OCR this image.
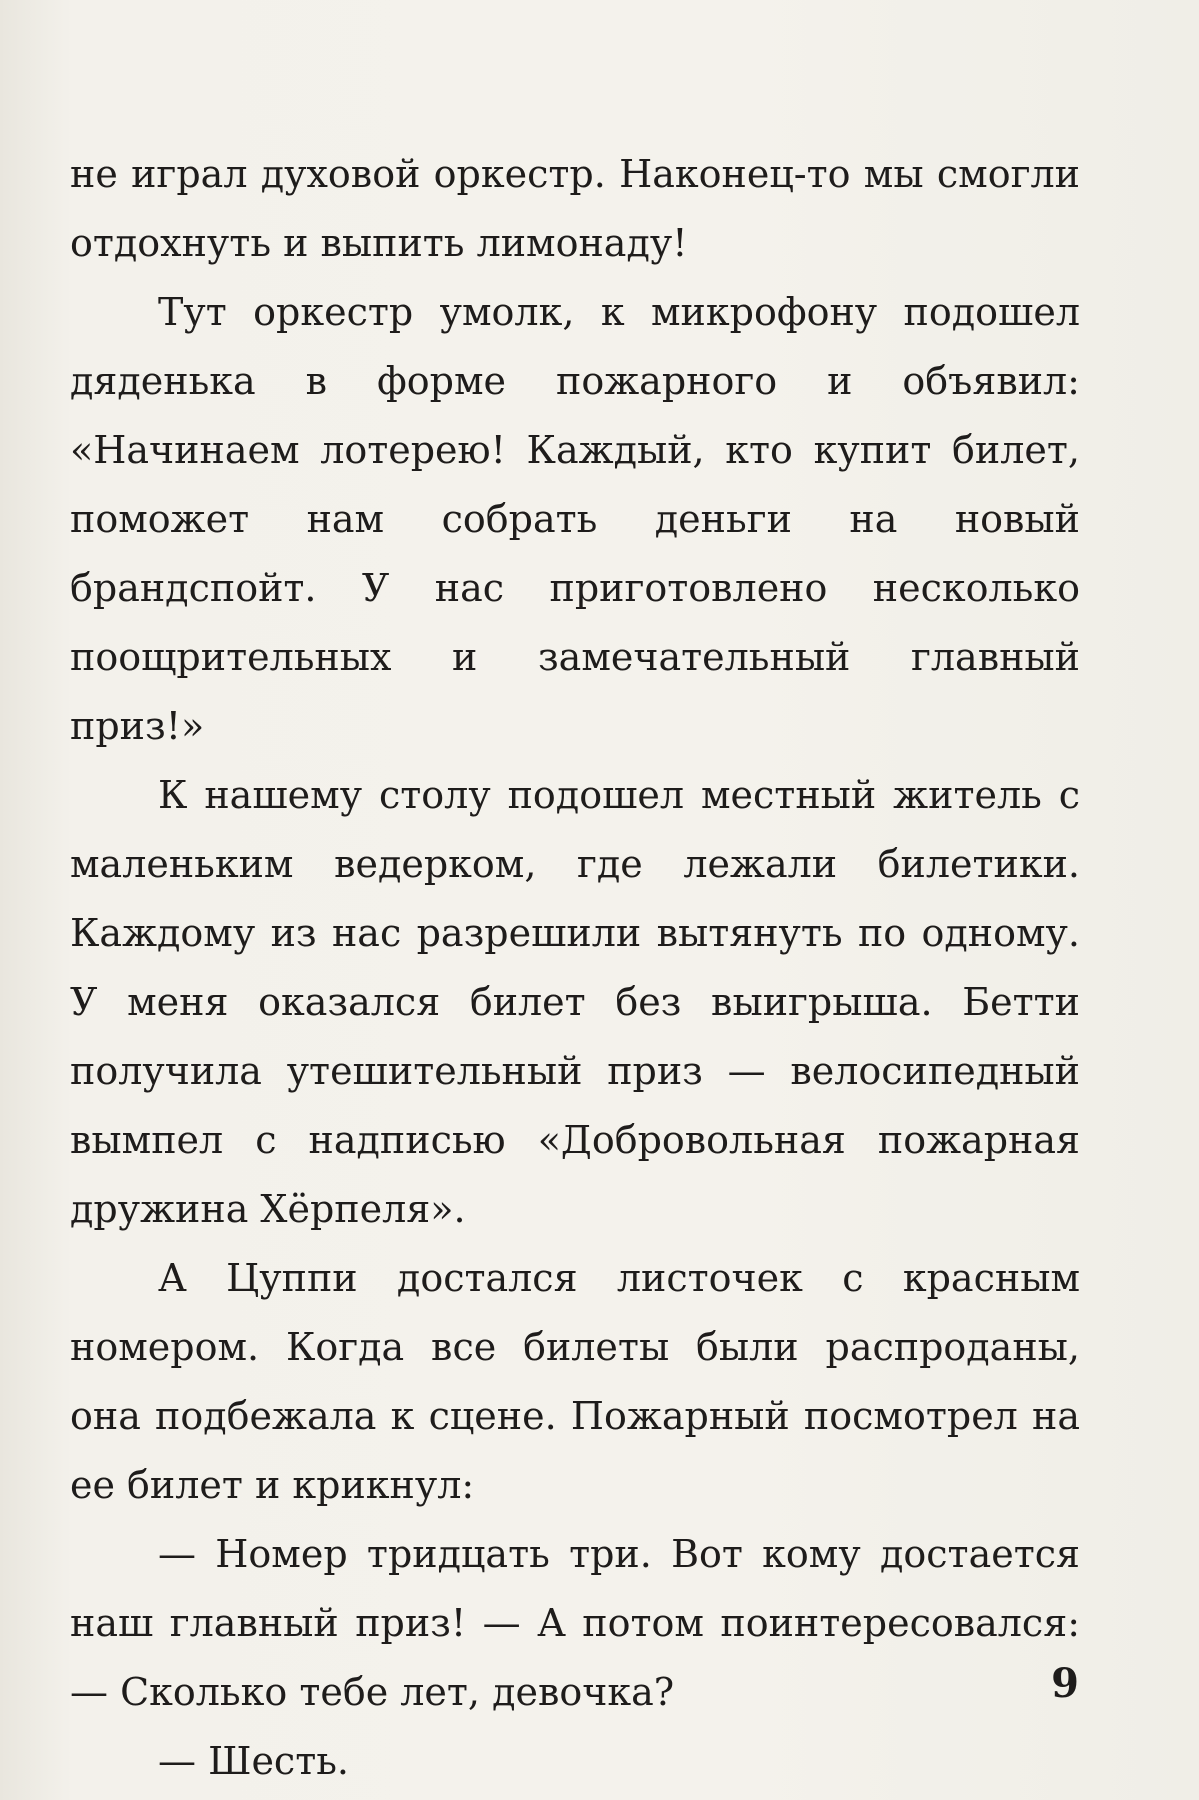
не играл духовой оркестр. Наконец-то мы смогли отдохнуть и выпить лимонаду!

Тут оркестр умолк, к микрофону подошел дяденька в форме пожарного и объявил: «Начинаем лотерею! Каждый, кто купит билет, поможет нам собрать деньги на новый брандспойт. У нас приготовлено несколько поощрительных и замечательный главный приз!»

К нашему столу подошел местный житель с маленьким ведерком, где лежали билетики. Каждому из нас разрешили вытянуть по одному. У меня оказался билет без выигрыша. Бетти получила утешительный приз — велосипедный вымпел с надписью «Добровольная пожарная дружина Хёрпеля».

А Цуппи достался листочек с красным номером. Когда все билеты были распроданы, она подбежала к сцене. Пожарный посмотрел на ее билет и крикнул:

— Номер тридцать три. Вот кому достается наш главный приз! — А потом поинтересовался: — Сколько тебе лет, девочка?

— Шесть.

9
